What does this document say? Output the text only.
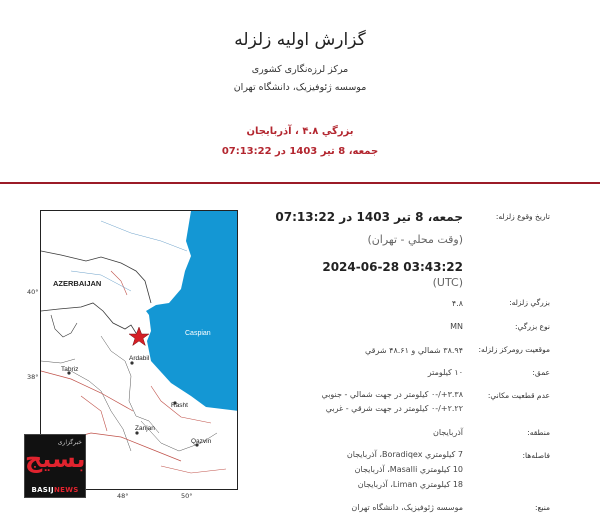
گزارش اولیه زلزله
مرکز لرزه‌نگاری کشوری
موسسه ژئوفیزیک، دانشگاه تهران
بزرگي ۴.۸ ، آذربایجان
جمعه، 8 تیر 1403 در 07:13:22
AZERBAIJAN
Caspian
Ardabil
Tabriz
Rasht
Zanjan
Qazvin
40°
38°
48°	50°
خبرگزاری
بسیج
BASIJNEWS
تاریخ وقوع زلزله:
جمعه، 8 تیر 1403 در 07:13:22
(وقت محلي - تهران)
2024-06-28 03:43:22
(UTC)
بزرگي زلزله:
۴.۸
نوع بزرگي:
MN
موقعیت رومرکز زلزله:
۳۸.۹۴ شمالي و ۴۸.۶۱ شرقي
عمق:
۱۰ کیلومتر
عدم قطعیت مکاني:
۳.۳۸+/-۰ کیلومتر در جهت شمالي - جنوبي
۲.۲۲+/-۰ کیلومتر در جهت شرقي - غربي
منطقه:
آذربایجان
فاصله‌ها:
7 کیلومتري Boradiqex، آذربایجان
10 کیلومتري Masalli، آذربایجان
18 کیلومتري Liman، آذربایجان
منبع:
موسسه ژئوفیزیک، دانشگاه تهران
